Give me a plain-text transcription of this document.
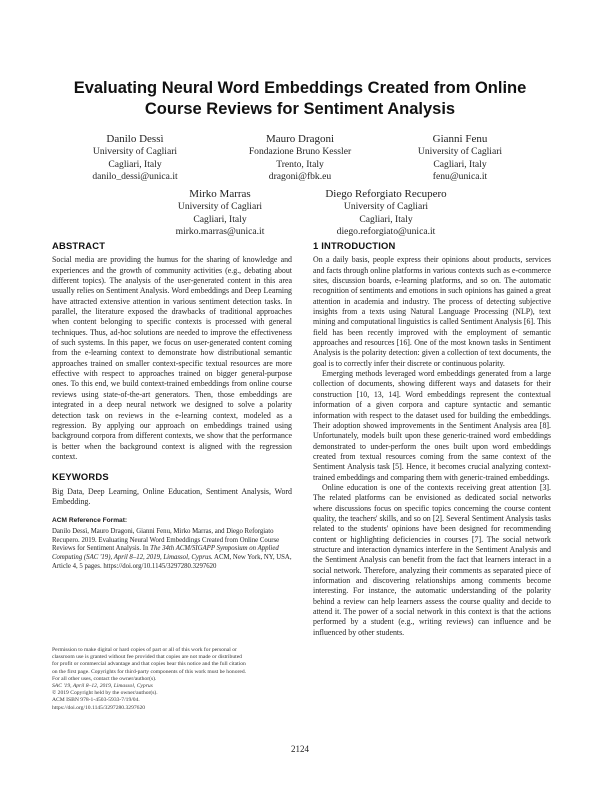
Evaluating Neural Word Embeddings Created from Online Course Reviews for Sentiment Analysis
Danilo Dessì
University of Cagliari
Cagliari, Italy
danilo_dessi@unica.it
Mauro Dragoni
Fondazione Bruno Kessler
Trento, Italy
dragoni@fbk.eu
Gianni Fenu
University of Cagliari
Cagliari, Italy
fenu@unica.it
Mirko Marras
University of Cagliari
Cagliari, Italy
mirko.marras@unica.it
Diego Reforgiato Recupero
University of Cagliari
Cagliari, Italy
diego.reforgiato@unica.it
ABSTRACT

Social media are providing the humus for the sharing of knowledge and experiences and the growth of community activities (e.g., debating about different topics). The analysis of the user-generated content in this area usually relies on Sentiment Analysis. Word embeddings and Deep Learning have attracted extensive attention in various sentiment detection tasks. In parallel, the literature exposed the drawbacks of traditional approaches when content belonging to specific contexts is processed with general techniques. Thus, ad-hoc solutions are needed to improve the effectiveness of such systems. In this paper, we focus on user-generated content coming from the e-learning context to demonstrate how distributional semantic approaches trained on smaller context-specific textual resources are more effective with respect to approaches trained on bigger general-purpose ones. To this end, we build context-trained embeddings from online course reviews using state-of-the-art generators. Then, those embeddings are integrated in a deep neural network we designed to solve a polarity detection task on reviews in the e-learning context, modeled as a regression. By applying our approach on embeddings trained using background corpora from different contexts, we show that the performance is better when the background context is aligned with the regression context.

KEYWORDS

Big Data, Deep Learning, Online Education, Sentiment Analysis, Word Embedding.

ACM Reference Format:
Danilo Dessì, Mauro Dragoni, Gianni Fenu, Mirko Marras, and Diego Reforgiato Recupero. 2019. Evaluating Neural Word Embeddings Created from Online Course Reviews for Sentiment Analysis. In The 34th ACM/SIGAPP Symposium on Applied Computing (SAC '19), April 8–12, 2019, Limassol, Cyprus. ACM, New York, NY, USA, Article 4, 5 pages. https://doi.org/10.1145/3297280.3297620
Permission to make digital or hard copies of part or all of this work for personal or
classroom use is granted without fee provided that copies are not made or distributed
for profit or commercial advantage and that copies bear this notice and the full citation
on the first page. Copyrights for third-party components of this work must be honored.
For all other uses, contact the owner/author(s).
SAC '19, April 8–12, 2019, Limassol, Cyprus
© 2019 Copyright held by the owner/author(s).
ACM ISBN 978-1-4503-5933-7/19/04.
https://doi.org/10.1145/3297280.3297620
1 INTRODUCTION

On a daily basis, people express their opinions about products, services and facts through online platforms in various contexts such as e-commerce sites, discussion boards, e-learning platforms, and so on. The automatic recognition of sentiments and emotions in such opinions has gained a great attention in academia and industry. The process of detecting subjective insights from a texts using Natural Language Processing (NLP), text mining and computational linguistics is called Sentiment Analysis [6]. This field has been recently improved with the employment of semantic approaches and resources [16]. One of the most known tasks in Sentiment Analysis is the polarity detection: given a collection of text documents, the goal is to correctly infer their discrete or continuous polarity.

Emerging methods leveraged word embeddings generated from a large collection of documents, showing different ways and datasets for their construction [10, 13, 14]. Word embeddings represent the contextual information of a given corpora and capture syntactic and semantic information with respect to the dataset used for building the embeddings. Their adoption showed improvements in the Sentiment Analysis area [8]. Unfortunately, models built upon these generic-trained word embeddings demonstrated to under-perform the ones built upon word embeddings created from textual resources coming from the same context of the Sentiment Analysis task [5]. Hence, it becomes crucial analyzing context-trained embeddings and comparing them with generic-trained embeddings.

Online education is one of the contexts receiving great attention [3]. The related platforms can be envisioned as dedicated social networks where discussions focus on specific topics concerning the course content quality, the teachers' skills, and so on [2]. Several Sentiment Analysis tasks related to the students' opinions have been designed for recommending content or highlighting deficiencies in courses [7]. The social network structure and interaction dynamics interfere in the Sentiment Analysis and the Sentiment Analysis can benefit from the fact that learners interact in a social network. Therefore, analyzing their comments as separated piece of information and discovering relationships among comments become interesting. For instance, the automatic understanding of the polarity behind a review can help learners assess the course quality and decide to attend it. The power of a social network in this context is that the actions performed by a student (e.g., writing reviews) can influence and be influenced by other students.

2124
